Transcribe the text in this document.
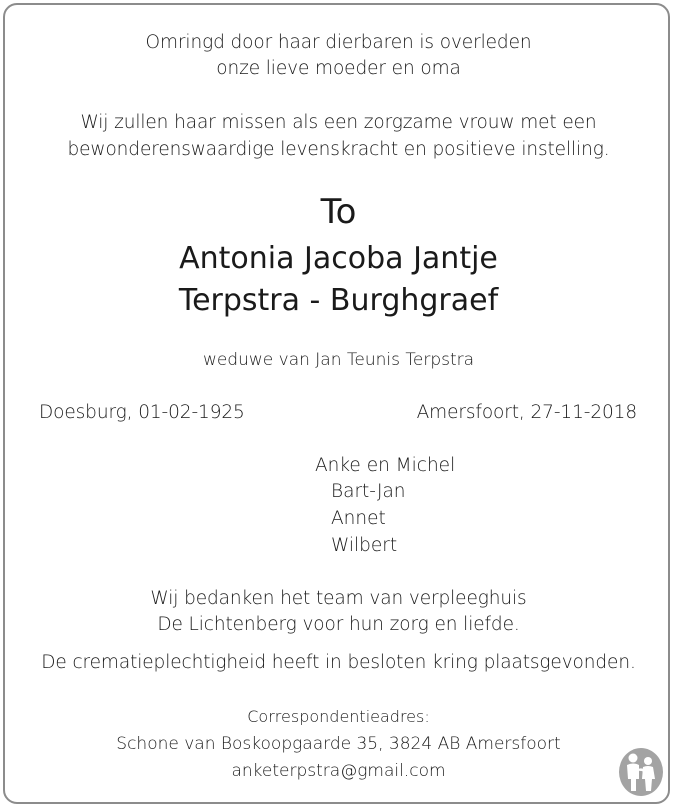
Omringd door haar dierbaren is overleden
onze lieve moeder en oma
Wij zullen haar missen als een zorgzame vrouw met een
bewonderenswaardige levenskracht en positieve instelling.
To
Antonia Jacoba Jantje
Terpstra - Burghgraef
weduwe van Jan Teunis Terpstra
Doesburg, 01-02-1925	Amersfoort, 27-11-2018
Anke en Michel
Bart-Jan
Annet
Wilbert
Wij bedanken het team van verpleeghuis
De Lichtenberg voor hun zorg en liefde.
De crematieplechtigheid heeft in besloten kring plaatsgevonden.
Correspondentieadres:
Schone van Boskoopgaarde 35, 3824 AB Amersfoort
anketerpstra@gmail.com
